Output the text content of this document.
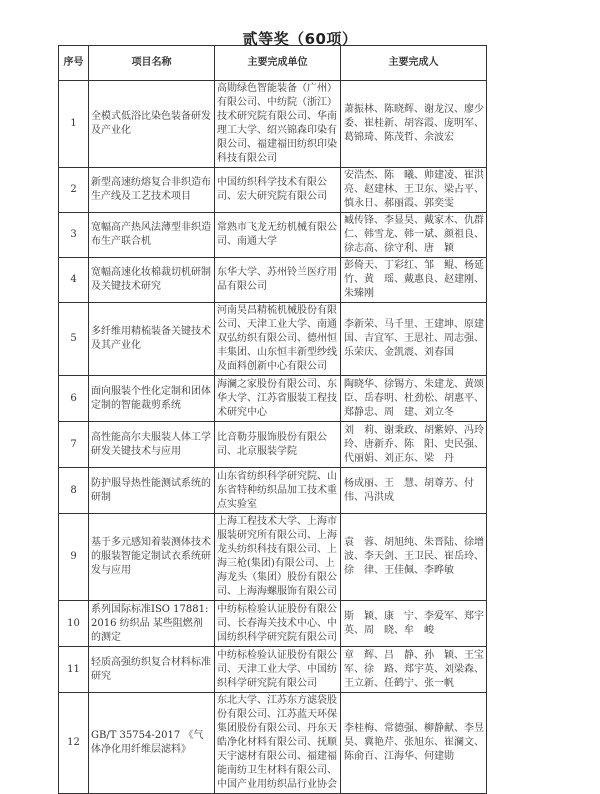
贰等奖（60项）
序号	项目名称	主要完成单位	主要完成人
1	全模式低浴比染色装备研发及产业化	高勋绿色智能装备（广州）有限公司、中纺院（浙江）技术研究院有限公司、华南理工大学、绍兴锦森印染有限公司、福建福田纺织印染科技有限公司	萧振林、陈晓辉、谢龙汉、廖少委、崔桂新、胡容霞、庞明军、葛锦琦、陈茂哲、余波宏
2	新型高速纺熔复合非织造布生产线及工艺技术项目	中国纺织科学技术有限公司、宏大研究院有限公司	安浩杰、陈　曦、帅建凌、崔洪亮、赵建林、王卫东、梁占平、慎永日、郝丽霞、郭奕雯
3	宽幅高产热风法薄型非织造布生产联合机	常熟市飞龙无纺机械有限公司、南通大学	臧传锋、李显昊、戴家木、仇群仁、韩雪龙、韩一斌、颜祖良、徐志高、徐守利、唐　颖
4	宽幅高速化妆棉裁切机研制及关键技术研究	东华大学、苏州铃兰医疗用品有限公司	彭倚天、丁彩红、邹　鲲、杨延竹、黄　瑶、戴惠良、赵建刚、朱臻刚
5	多纤维用精梳装备关键技术及其产业化	河南昊昌精梳机械股份有限公司、天津工业大学、南通双弘纺织有限公司、德州恒丰集团、山东恒丰新型纱线及面料创新中心有限公司	李新荣、马千里、王建坤、原建国、吉宜军、王思社、周志强、乐荣庆、金凯震、刘春国
6	面向服装个性化定制和团体定制的智能裁剪系统	海澜之家股份有限公司、东华大学、江苏省服装工程技术研究中心	陶晓华、徐锡方、朱建龙、黄颂臣、岳春明、杜劲松、胡惠平、郑静忠、周　建、刘立冬
7	高性能高尔夫服装人体工学研发关键技术与应用	比音勒芬服饰股份有限公司、北京服装学院	刘　莉、谢秉政、胡紫婷、冯玲玲、唐新乔、陈　阳、史民强、代丽娟、刘正东、梁　丹
8	防护服导热性能测试系统的研制	山东省纺织科学研究院、山东省特种纺织品加工技术重点实验室	杨成丽、王　慧、胡尊芳、付　伟、冯洪成
9	基于多元感知着装测体技术的服装智能定制试衣系统研发与应用	上海工程技术大学、上海市服装研究所有限公司、上海龙头纺织科技有限公司、上海三枪(集团)有限公司、上海龙头（集团）股份有限公司、上海海螺服饰有限公司	袁　蓉、胡旭纯、朱晋陆、徐增波、李天剑、王卫民、崔岳玲、徐　律、王佳佩、李晔敏
10	系列国际标准ISO 17881:2016 纺织品 某些阻燃剂的测定	中纺标检验认证股份有限公司、长春海关技术中心、中国纺织科学研究院有限公司	斯　颖、康　宁、李爱军、郑宇英、周　晓、牟　峻
11	轻质高强纺织复合材料标准研究	中纺标检验认证股份有限公司、天津工业大学、中国纺织科学研究院有限公司	章　辉、吕　静、孙　颖、王宝军、徐　路、郑宇英、刘梁森、王立新、任鹤宁、张一帆
12	GB/T 35754-2017 《气体净化用纤维层滤料》	东北大学、江苏东方滤袋股份有限公司、江苏蓝天环保集团股份有限公司、丹东天皓净化材料有限公司、抚顺天宇滤材有限公司、福建福能南纺卫生材料有限公司、中国产业用纺织品行业协会	李桂梅、常德强、柳静献、李昱昊、冀艳芹、张旭东、崔澜文、陈俞百、江海华、何建勋
